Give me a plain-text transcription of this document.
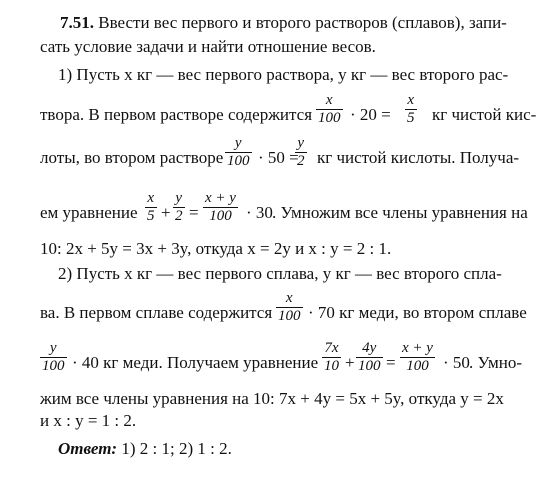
7.51. Ввести вес первого и второго растворов (сплавов), запи-
сать условие задачи и найти отношение весов.
1) Пусть x кг — вес первого раствора, y кг — вес второго рас-
твора. В первом растворе содержится
x
100 · 20 =
x
5 кг чистой кис-
лоты, во втором растворе
y
100 · 50 =
y
2 кг чистой кислоты. Получа-
ем уравнение
x
5 +
y
2 =
x + y
100 · 30 . Умножим все члены уравнения на
10: 2x + 5y = 3x + 3y, откуда x = 2y и x : y = 2 : 1.
2) Пусть x кг — вес первого сплава, y кг — вес второго спла-
ва. В первом сплаве содержится
x
100 · 70 кг меди, во втором сплаве
y
100 · 40 кг меди. Получаем уравнение
7x
10 +
4y
100 =
x + y
100 · 50 . Умно-
жим все члены уравнения на 10: 7x + 4y = 5x + 5y, откуда y = 2x
и x : y = 1 : 2.
Ответ: 1) 2 : 1; 2) 1 : 2.
